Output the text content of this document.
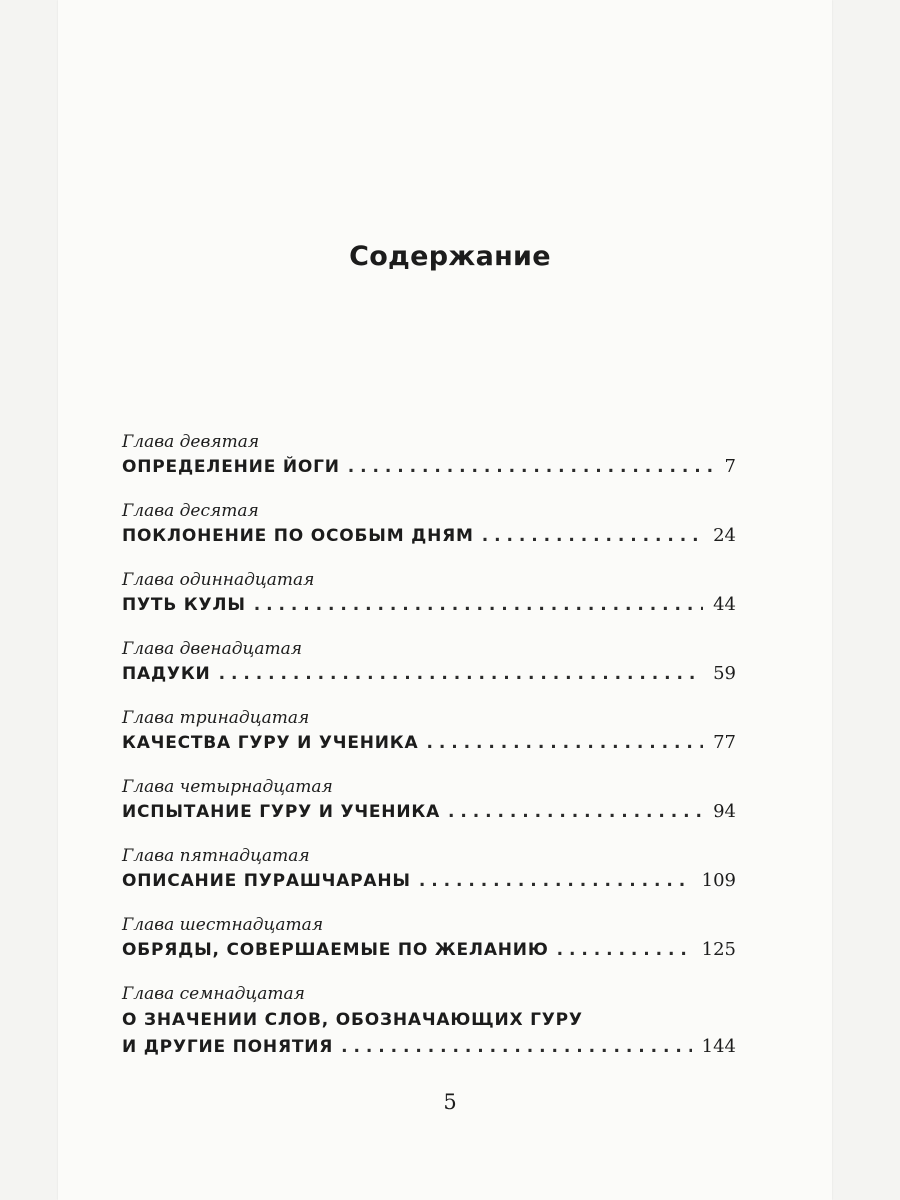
Содержание
Глава девятая
ОПРЕДЕЛЕНИЕ ЙОГИ . . .	7
Глава десятая
ПОКЛОНЕНИЕ ПО ОСОБЫМ ДНЯМ . . .	24
Глава одиннадцатая
ПУТЬ КУЛЫ . . .	44
Глава двенадцатая
ПАДУКИ . . .	59
Глава тринадцатая
КАЧЕСТВА ГУРУ И УЧЕНИКА . . .	77
Глава четырнадцатая
ИСПЫТАНИЕ ГУРУ И УЧЕНИКА . . .	94
Глава пятнадцатая
ОПИСАНИЕ ПУРАШЧАРАНЫ . . .	109
Глава шестнадцатая
ОБРЯДЫ, СОВЕРШАЕМЫЕ ПО ЖЕЛАНИЮ . . .	125
Глава семнадцатая
О ЗНАЧЕНИИ СЛОВ, ОБОЗНАЧАЮЩИХ ГУРУ
И ДРУГИЕ ПОНЯТИЯ . . .	144
5
